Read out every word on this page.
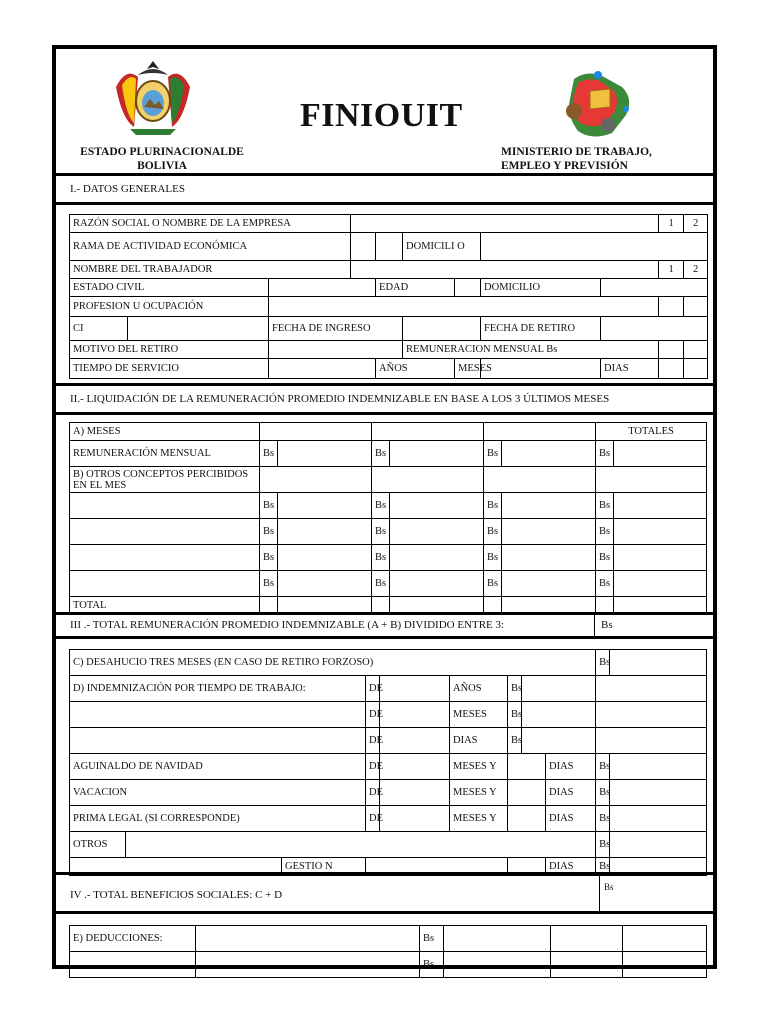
FINIOUIT
ESTADO PLURINACIONALDE
BOLIVIA
MINISTERIO DE TRABAJO,
EMPLEO Y PREVISIÓN
I.- DATOS GENERALES
RAZÓN SOCIAL O NOMBRE DE LA EMPRESA									1	2
RAMA DE ACTIVIDAD ECONÓMICA					DOMICILI O					
NOMBRE DEL TRABAJADOR									1	2
ESTADO CIVIL				EDAD			DOMICILIO			
PROFESION U OCUPACIÓN										
CI		FECHA DE INGRESO					FECHA DE RETIRO			
MOTIVO DEL RETIRO					REMUNERACION MENSUAL Bs					
TIEMPO DE SERVICIO				AÑOS		MESES		DIAS		
II.- LIQUIDACIÓN DE LA REMUNERACIÓN PROMEDIO INDEMNIZABLE EN BASE A LOS 3 ÚLTIMOS MESES
A) MESES							TOTALES	
REMUNERACIÓN MENSUAL	Bs		Bs		Bs		Bs	
B) OTROS CONCEPTOS PERCIBIDOS EN EL MES								
	Bs		Bs		Bs		Bs	
	Bs		Bs		Bs		Bs	
	Bs		Bs		Bs		Bs	
	Bs		Bs		Bs		Bs	
TOTAL								
III .- TOTAL REMUNERACIÓN PROMEDIO INDEMNIZABLE (A + B) DIVIDIDO ENTRE 3:	Bs
C) DESAHUCIO TRES MESES (EN CASO DE RETIRO FORZOSO)									Bs	
D) INDEMNIZACIÓN POR TIEMPO DE TRABAJO:			DE		AÑOS	Bs				
			DE		MESES	Bs				
			DE		DIAS	Bs				
AGUINALDO DE NAVIDAD			DE		MESES Y			DIAS	Bs	
VACACION			DE		MESES Y			DIAS	Bs	
PRIMA LEGAL (SI CORRESPONDE)			DE		MESES Y			DIAS	Bs	
OTROS									Bs	
		GESTIO N						DIAS	Bs	
IV .- TOTAL BENEFICIOS SOCIALES: C + D
Bs
E) DEDUCCIONES:		Bs			
		Bs			
